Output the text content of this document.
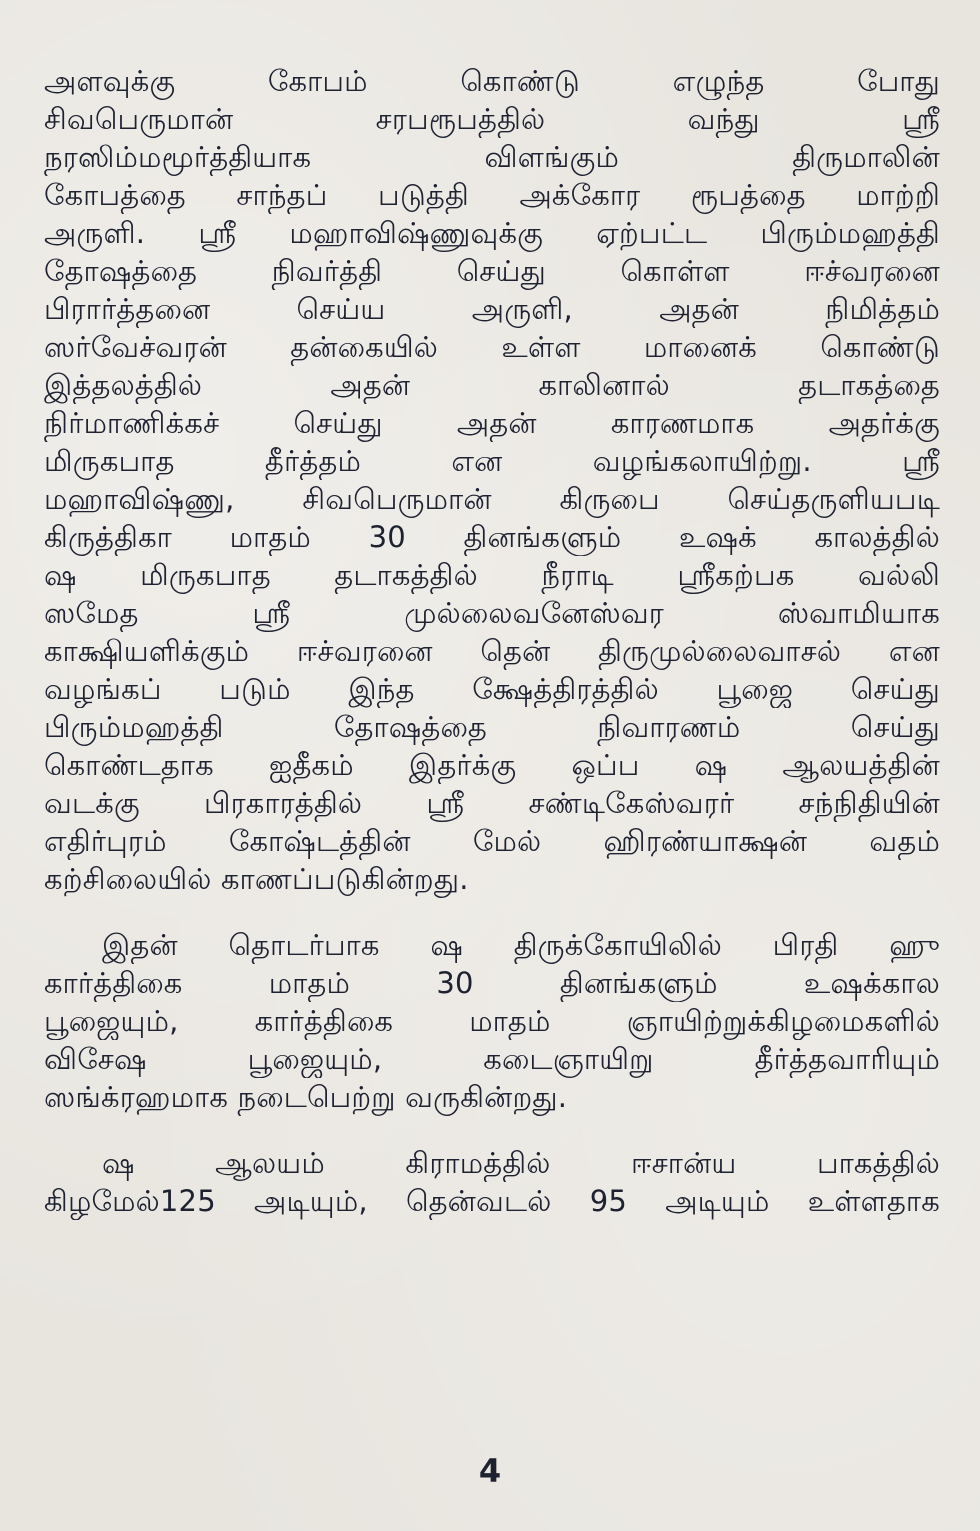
அளவுக்கு கோபம் கொண்டு எழுந்த போது
சிவபெருமான் சரபரூபத்தில் வந்து ஸ்ரீ
நரஸிம்மமூர்த்தியாக விளங்கும் திருமாலின்
கோபத்தை சாந்தப் படுத்தி அக்கோர ரூபத்தை மாற்றி
அருளி. ஸ்ரீ மஹாவிஷ்ணுவுக்கு ஏற்பட்ட பிரும்மஹத்தி
தோஷத்தை நிவர்த்தி செய்து கொள்ள ஈச்வரனை
பிரார்த்தனை செய்ய அருளி, அதன் நிமித்தம்
ஸர்வேச்வரன் தன்கையில் உள்ள மானைக் கொண்டு
இத்தலத்தில் அதன் காலினால் தடாகத்தை
நிர்மாணிக்கச் செய்து அதன் காரணமாக அதர்க்கு
மிருகபாத தீர்த்தம் என வழங்கலாயிற்று. ஸ்ரீ
மஹாவிஷ்ணு, சிவபெருமான் கிருபை செய்தருளியபடி
கிருத்திகா மாதம் 30 தினங்களும் உஷக் காலத்தில்
ஷ மிருகபாத தடாகத்தில் நீராடி ஸ்ரீகற்பக வல்லி
ஸமேத ஸ்ரீ முல்லைவனேஸ்வர ஸ்வாமியாக
காக்ஷியளிக்கும் ஈச்வரனை தென் திருமுல்லைவாசல் என
வழங்கப் படும் இந்த க்ஷேத்திரத்தில் பூஜை செய்து
பிரும்மஹத்தி தோஷத்தை நிவாரணம் செய்து
கொண்டதாக ஐதீகம் இதர்க்கு ஒப்ப ஷ ஆலயத்தின்
வடக்கு பிரகாரத்தில் ஸ்ரீ சண்டிகேஸ்வரர் சந்நிதியின்
எதிர்புரம் கோஷ்டத்தின் மேல் ஹிரண்யாக்ஷன் வதம்
கற்சிலையில் காணப்படுகின்றது.
இதன் தொடர்பாக ஷ திருக்கோயிலில் பிரதி ஹு
கார்த்திகை மாதம் 30 தினங்களும் உஷக்கால
பூஜையும், கார்த்திகை மாதம் ஞாயிற்றுக்கிழமைகளில்
விசேஷ பூஜையும், கடைஞாயிறு தீர்த்தவாரியும்
ஸங்க்ரஹமாக நடைபெற்று வருகின்றது.
ஷ ஆலயம் கிராமத்தில் ஈசான்ய பாகத்தில்
கிழமேல்125 அடியும், தென்வடல் 95 அடியும் உள்ளதாக
4
